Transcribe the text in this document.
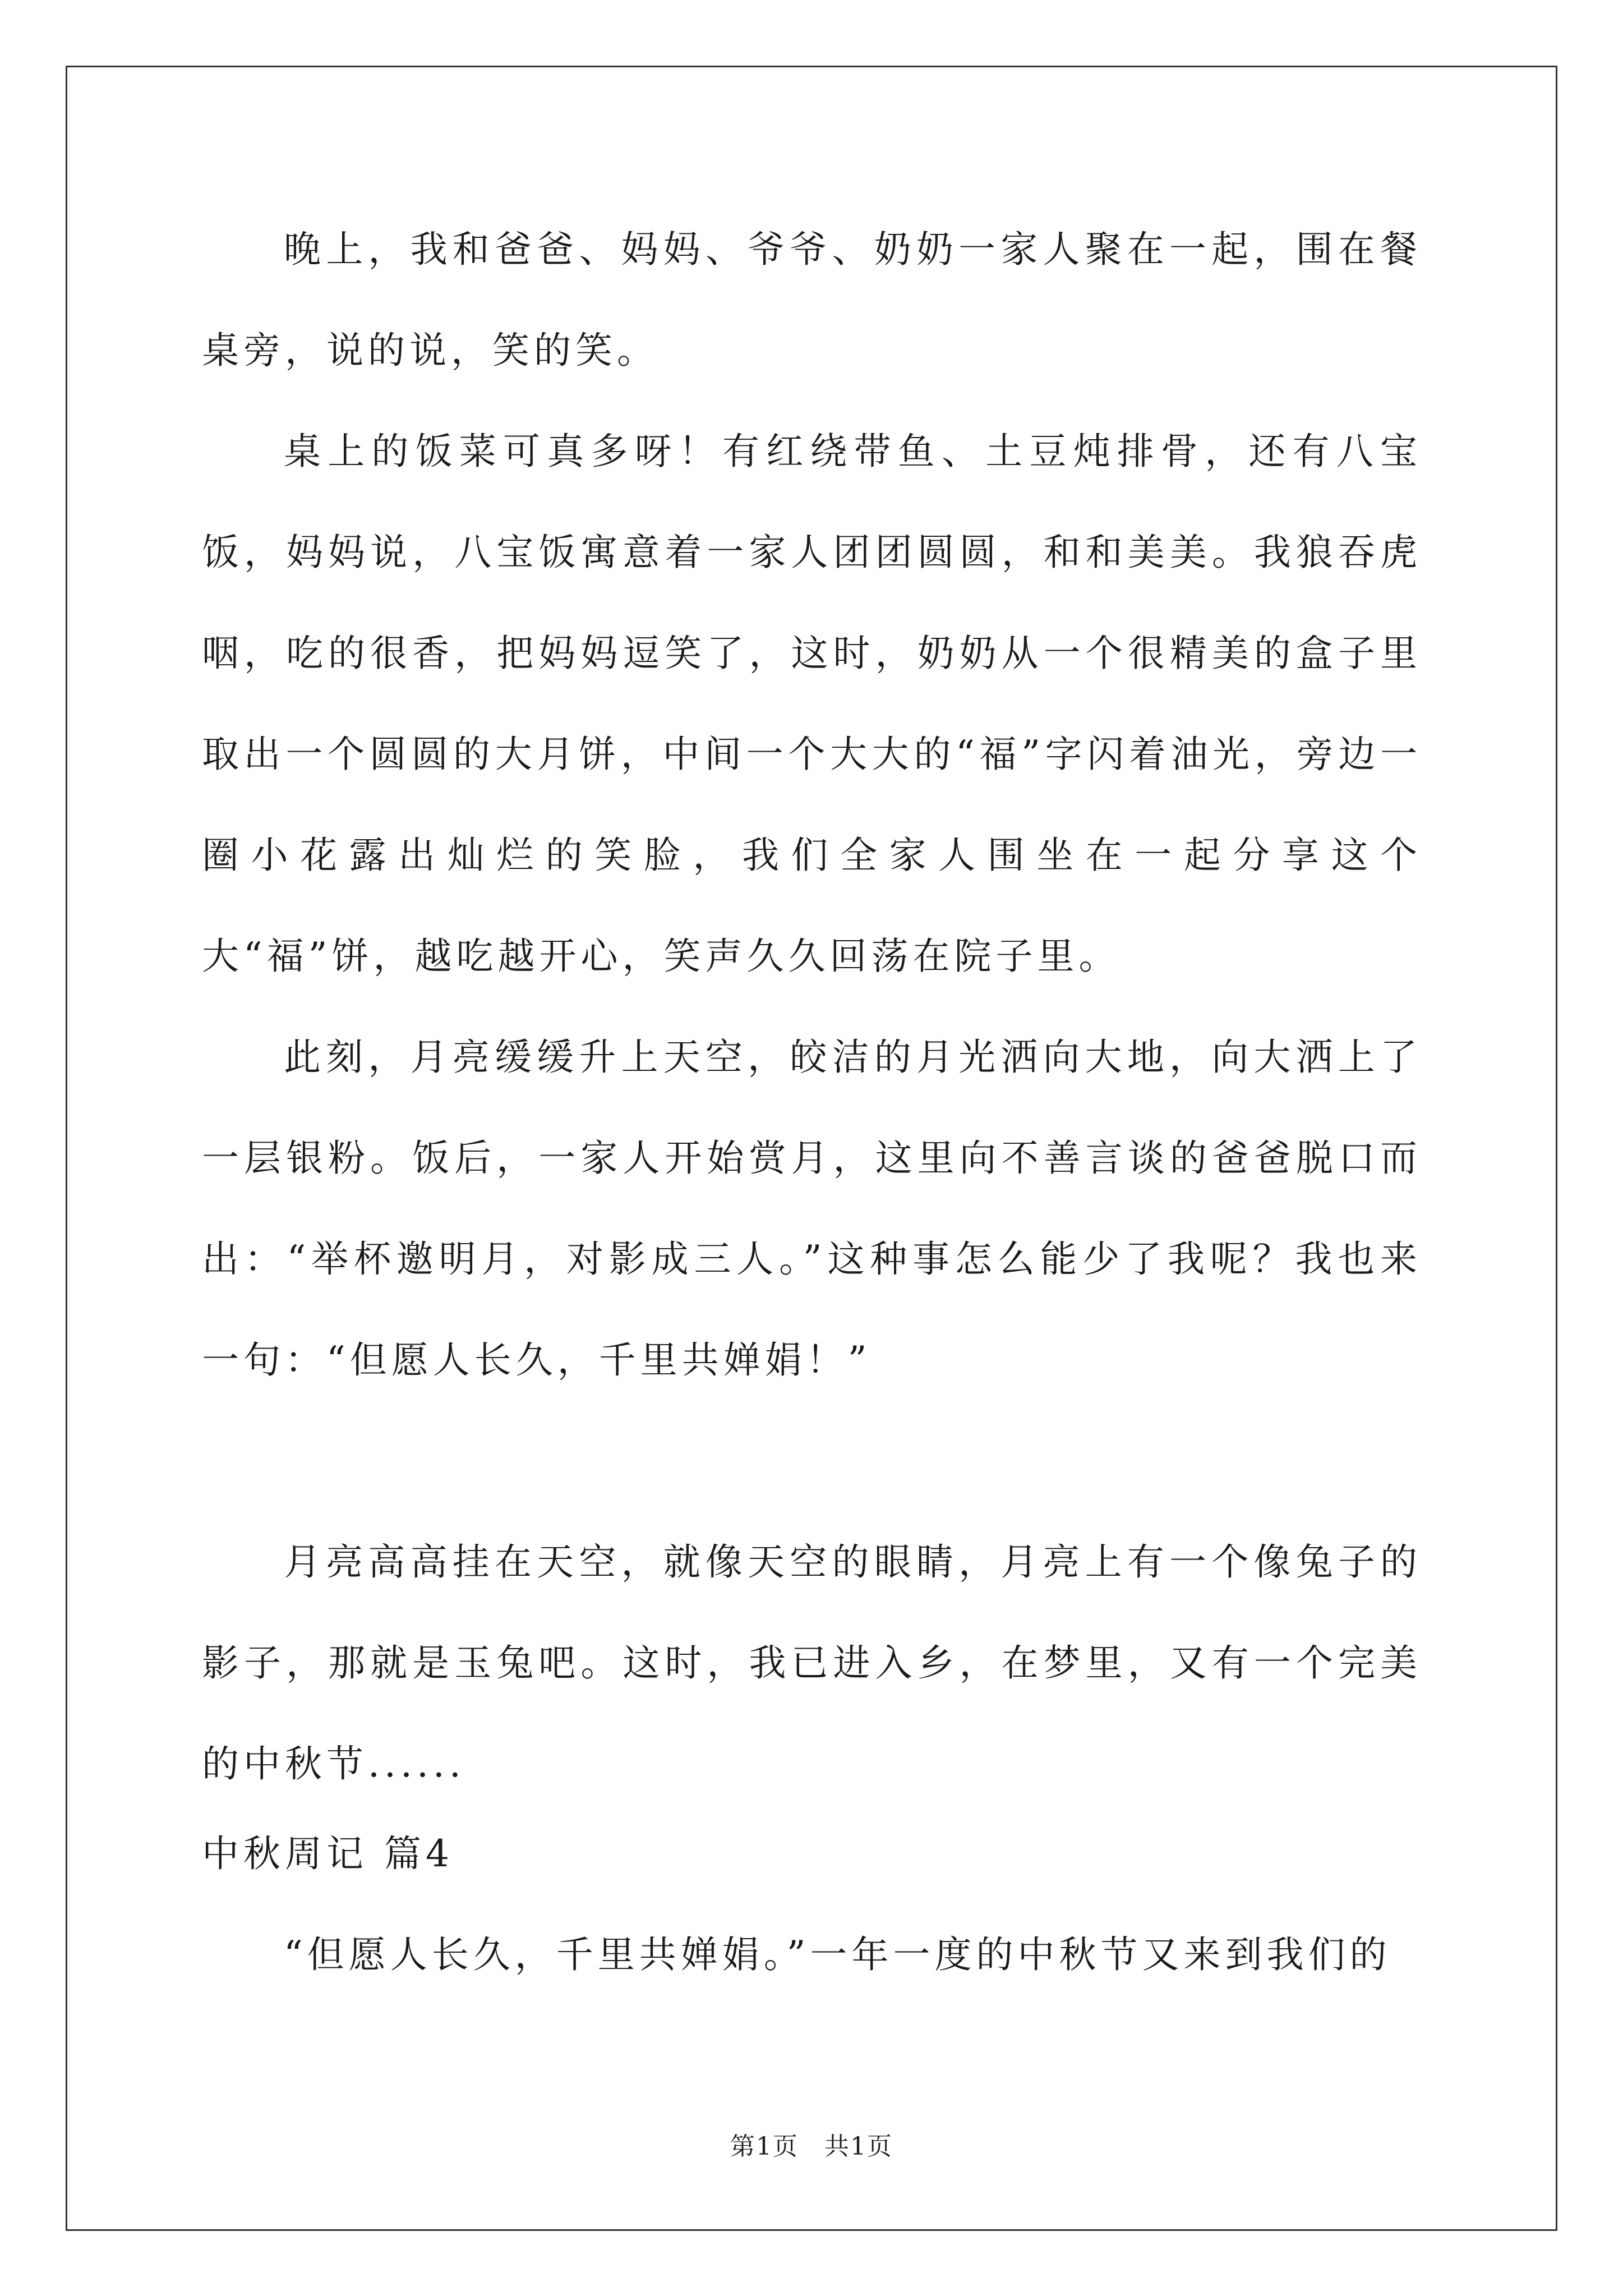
晚上，我和爸爸、妈妈、爷爷、奶奶一家人聚在一起，围在餐桌旁，说的说，笑的笑。

桌上的饭菜可真多呀！有红绕带鱼、土豆炖排骨，还有八宝饭，妈妈说，八宝饭寓意着一家人团团圆圆，和和美美。我狼吞虎咽，吃的很香，把妈妈逗笑了，这时，奶奶从一个很精美的盒子里取出一个圆圆的大月饼，中间一个大大的“福”字闪着油光，旁边一圈小花露出灿烂的笑脸，我们全家人围坐在一起分享这个大“福”饼，越吃越开心，笑声久久回荡在院子里。

此刻，月亮缓缓升上天空，皎洁的月光洒向大地，向大洒上了一层银粉。饭后，一家人开始赏月，这里向不善言谈的爸爸脱口而出：“举杯邀明月，对影成三人。”这种事怎么能少了我呢？我也来一句：“但愿人长久，千里共婵娟！”

月亮高高挂在天空，就像天空的眼睛，月亮上有一个像兔子的影子，那就是玉兔吧。这时，我已进入乡，在梦里，又有一个完美的中秋节......

“但愿人长久，千里共婵娟。”一年一度的中秋节又来到我们的

中秋周记 篇4
第1页　共1页
